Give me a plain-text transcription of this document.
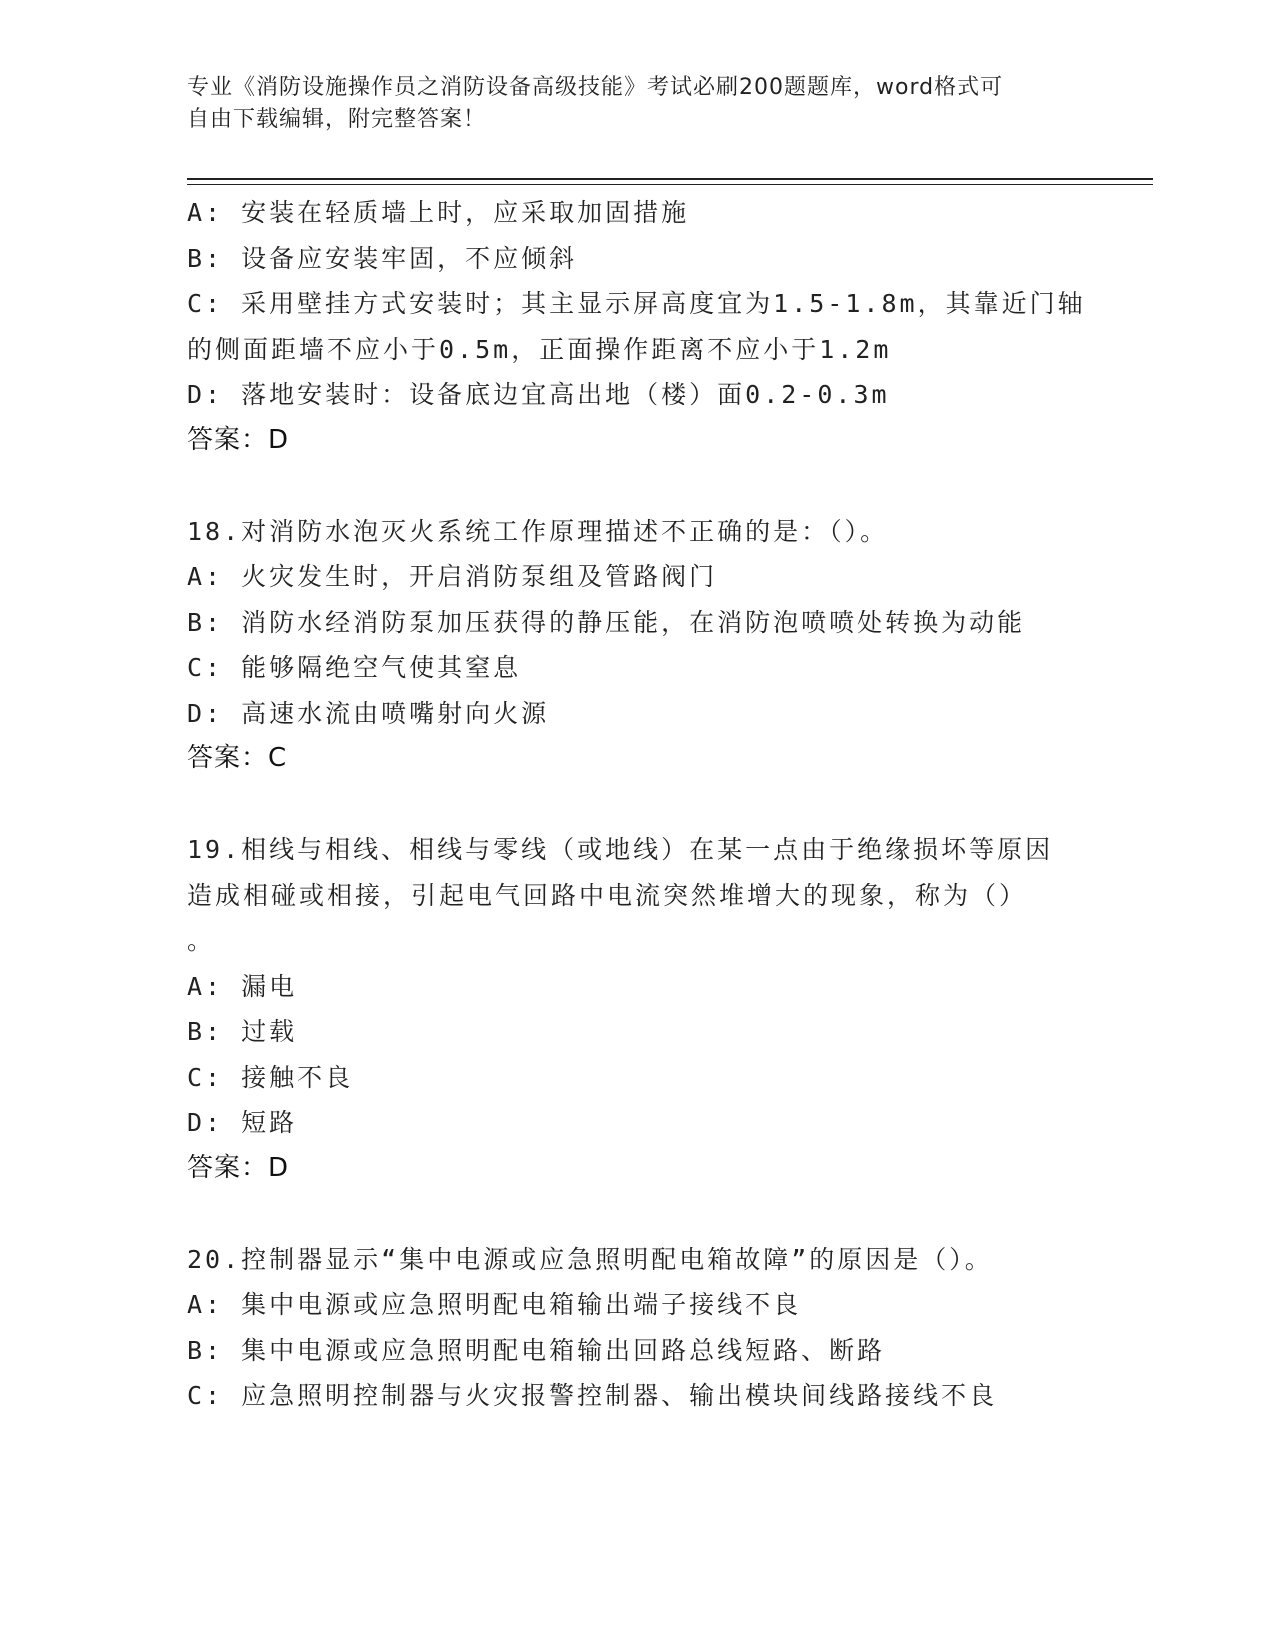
专业《消防设施操作员之消防设备高级技能》考试必刷200题题库，word格式可
自由下载编辑，附完整答案！
A: 安装在轻质墙上时，应采取加固措施
B: 设备应安装牢固，不应倾斜
C: 采用壁挂方式安装时；其主显示屏高度宜为1.5-1.8m，其靠近门轴
的侧面距墙不应小于0.5m，正面操作距离不应小于1.2m
D: 落地安装时：设备底边宜高出地（楼）面0.2-0.3m
答案：D
18.对消防水泡灭火系统工作原理描述不正确的是：（）。
A: 火灾发生时，开启消防泵组及管路阀门
B: 消防水经消防泵加压获得的静压能，在消防泡喷喷处转换为动能
C: 能够隔绝空气使其窒息
D: 高速水流由喷嘴射向火源
答案：C
19.相线与相线、相线与零线（或地线）在某一点由于绝缘损坏等原因
造成相碰或相接，引起电气回路中电流突然堆增大的现象，称为（）
。
A: 漏电
B: 过载
C: 接触不良
D: 短路
答案：D
20.控制器显示“集中电源或应急照明配电箱故障”的原因是（）。
A: 集中电源或应急照明配电箱输出端子接线不良
B: 集中电源或应急照明配电箱输出回路总线短路、断路
C: 应急照明控制器与火灾报警控制器、输出模块间线路接线不良
